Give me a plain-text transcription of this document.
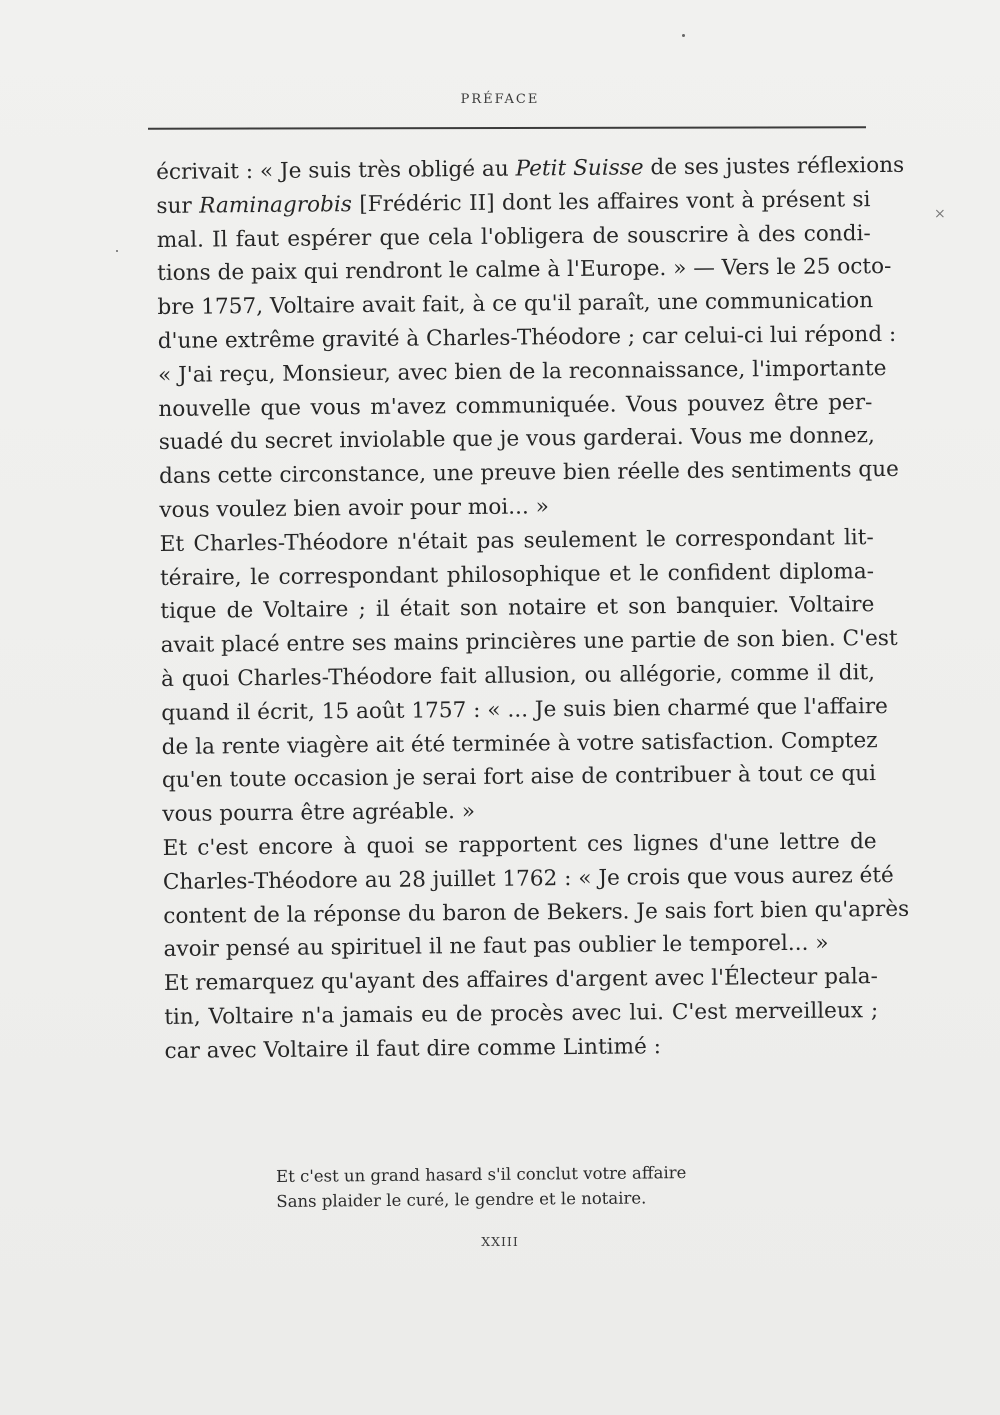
PRÉFACE
×
écrivait : « Je suis très obligé au Petit Suisse de ses justes réflexions
sur Raminagrobis [Frédéric II] dont les affaires vont à présent si
mal. Il faut espérer que cela l'obligera de souscrire à des condi-
tions de paix qui rendront le calme à l'Europe. » — Vers le 25 octo-
bre 1757, Voltaire avait fait, à ce qu'il paraît, une communication
d'une extrême gravité à Charles-Théodore ; car celui-ci lui répond :
« J'ai reçu, Monsieur, avec bien de la reconnaissance, l'importante
nouvelle que vous m'avez communiquée. Vous pouvez être per-
suadé du secret inviolable que je vous garderai. Vous me donnez,
dans cette circonstance, une preuve bien réelle des sentiments que
vous voulez bien avoir pour moi... »
Et Charles-Théodore n'était pas seulement le correspondant lit-
téraire, le correspondant philosophique et le confident diploma-
tique de Voltaire ; il était son notaire et son banquier. Voltaire
avait placé entre ses mains princières une partie de son bien. C'est
à quoi Charles-Théodore fait allusion, ou allégorie, comme il dit,
quand il écrit, 15 août 1757 : « ... Je suis bien charmé que l'affaire
de la rente viagère ait été terminée à votre satisfaction. Comptez
qu'en toute occasion je serai fort aise de contribuer à tout ce qui
vous pourra être agréable. »
Et c'est encore à quoi se rapportent ces lignes d'une lettre de
Charles-Théodore au 28 juillet 1762 : « Je crois que vous aurez été
content de la réponse du baron de Bekers. Je sais fort bien qu'après
avoir pensé au spirituel il ne faut pas oublier le temporel... »
Et remarquez qu'ayant des affaires d'argent avec l'Électeur pala-
tin, Voltaire n'a jamais eu de procès avec lui. C'est merveilleux ;
car avec Voltaire il faut dire comme Lintimé :
Et c'est un grand hasard s'il conclut votre affaire
Sans plaider le curé, le gendre et le notaire.
XXIII
